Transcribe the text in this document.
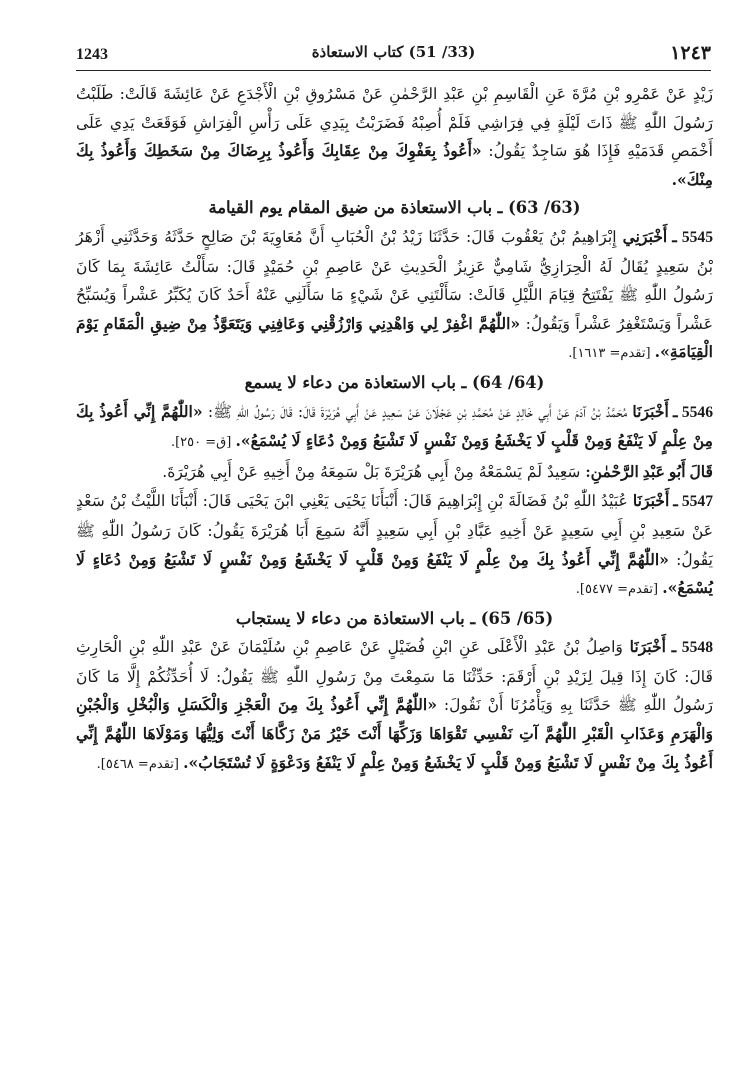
1243	(33/ 51) كتاب الاستعاذة	١٢٤٣

زَيْدٍ عَنْ عَمْرِو بْنِ مُرَّةَ عَنِ الْقَاسِمِ بْنِ عَبْدِ الرَّحْمٰنِ عَنْ مَسْرُوقِ بْنِ الْأَجْدَعِ عَنْ عَائِشَةَ قَالَتْ: طَلَبْتُ رَسُولَ اللّٰهِ ﷺ ذَاتَ لَيْلَةٍ فِي فِرَاشِي فَلَمْ أُصِبْهُ فَضَرَبْتُ بِيَدِي عَلَى رَأْسِ الْفِرَاشِ فَوَقَعَتْ يَدِي عَلَى أَخْمَصِ قَدَمَيْهِ فَإِذَا هُوَ سَاجِدٌ يَقُولُ: «أَعُوذُ بِعَفْوِكَ مِنْ عِقَابِكَ وَأَعُوذُ بِرِضَاكَ مِنْ سَخَطِكَ وَأَعُوذُ بِكَ مِنْكَ».

(63/ 63) ـ باب الاستعاذة من ضيق المقام يوم القيامة

5545 ـ أَخْبَرَنِي إِبْرَاهِيمُ بْنُ يَعْقُوبَ قَالَ: حَدَّثَنَا زَيْدُ بْنُ الْحُبَابِ أَنَّ مُعَاوِيَةَ بْنَ صَالِحٍ حَدَّثَهُ وَحَدَّثَنِي أَزْهَرُ بْنُ سَعِيدٍ يُقَالُ لَهُ الْحِرَازِيُّ شَامِيٌّ عَزِيزُ الْحَدِيثِ عَنْ عَاصِمِ بْنِ حُمَيْدٍ قَالَ: سَأَلْتُ عَائِشَةَ بِمَا كَانَ رَسُولُ اللّٰهِ ﷺ يَفْتَتِحُ قِيَامَ اللَّيْلِ قَالَتْ: سَأَلْتَنِي عَنْ شَيْءٍ مَا سَأَلَنِي عَنْهُ أَحَدٌ كَانَ يُكَبِّرُ عَشْراً وَيُسَبِّحُ عَشْراً وَيَسْتَغْفِرُ عَشْراً وَيَقُولُ: «اللّٰهُمَّ اغْفِرْ لِي وَاهْدِنِي وَارْزُقْنِي وَعَافِنِي وَيَتَعَوَّذُ مِنْ ضِيقِ الْمَقَامِ يَوْمَ الْقِيَامَةِ». [تقدم= ١٦١٣].

(64/ 64) ـ باب الاستعاذة من دعاء لا يسمع

5546 ـ أَخْبَرَنَا مُحَمَّدُ بْنُ آدَمَ عَنْ أَبِي خَالِدٍ عَنْ مُحَمَّدِ بْنِ عَجْلَانَ عَنْ سَعِيدٍ عَنْ أَبِي هُرَيْرَةَ قَالَ: قَالَ رَسُولُ اللّٰهِ ﷺ: «اللّٰهُمَّ إِنِّي أَعُوذُ بِكَ مِنْ عِلْمٍ لَا يَنْفَعُ وَمِنْ قَلْبٍ لَا يَخْشَعُ وَمِنْ نَفْسٍ لَا تَشْبَعُ وَمِنْ دُعَاءٍ لَا يُسْمَعُ». [ق= ٢٥٠].

قَالَ أَبُو عَبْدِ الرَّحْمٰنِ: سَعِيدٌ لَمْ يَسْمَعْهُ مِنْ أَبِي هُرَيْرَةَ بَلْ سَمِعَهُ مِنْ أَخِيهِ عَنْ أَبِي هُرَيْرَةَ.

5547 ـ أَخْبَرَنَا عُبَيْدُ اللّٰهِ بْنُ فَضَالَةَ بْنِ إِبْرَاهِيمَ قَالَ: أَنْبَأَنَا يَحْيَى يَعْنِي ابْنَ يَحْيَى قَالَ: أَنْبَأَنَا اللَّيْثُ بْنُ سَعْدٍ عَنْ سَعِيدِ بْنِ أَبِي سَعِيدٍ عَنْ أَخِيهِ عَبَّادِ بْنِ أَبِي سَعِيدٍ أَنَّهُ سَمِعَ أَبَا هُرَيْرَةَ يَقُولُ: كَانَ رَسُولُ اللّٰهِ ﷺ يَقُولُ: «اللّٰهُمَّ إِنِّي أَعُوذُ بِكَ مِنْ عِلْمٍ لَا يَنْفَعُ وَمِنْ قَلْبٍ لَا يَخْشَعُ وَمِنْ نَفْسٍ لَا تَشْبَعُ وَمِنْ دُعَاءٍ لَا يُسْمَعُ». [تقدم= ٥٤٧٧].

(65/ 65) ـ باب الاستعاذة من دعاء لا يستجاب

5548 ـ أَخْبَرَنَا وَاصِلُ بْنُ عَبْدِ الْأَعْلَى عَنِ ابْنِ فُضَيْلٍ عَنْ عَاصِمِ بْنِ سُلَيْمَانَ عَنْ عَبْدِ اللّٰهِ بْنِ الْحَارِثِ قَالَ: كَانَ إِذَا قِيلَ لِزَيْدِ بْنِ أَرْقَمَ: حَدِّثْنَا مَا سَمِعْتَ مِنْ رَسُولِ اللّٰهِ ﷺ يَقُولُ: لَا أُحَدِّثُكُمْ إِلَّا مَا كَانَ رَسُولُ اللّٰهِ ﷺ حَدَّثَنَا بِهِ وَيَأْمُرُنَا أَنْ نَقُولَ: «اللّٰهُمَّ إِنِّي أَعُوذُ بِكَ مِنَ الْعَجْزِ وَالْكَسَلِ وَالْبُخْلِ وَالْجُبْنِ وَالْهَرَمِ وَعَذَابِ الْقَبْرِ اللّٰهُمَّ آتِ نَفْسِي تَقْوَاهَا وَزَكِّهَا أَنْتَ خَيْرُ مَنْ زَكَّاهَا أَنْتَ وَلِيُّهَا وَمَوْلَاهَا اللّٰهُمَّ إِنِّي أَعُوذُ بِكَ مِنْ نَفْسٍ لَا تَشْبَعُ وَمِنْ قَلْبٍ لَا يَخْشَعُ وَمِنْ عِلْمٍ لَا يَنْفَعُ وَدَعْوَةٍ لَا تُسْتَجَابُ». [تقدم= ٥٤٦٨].
